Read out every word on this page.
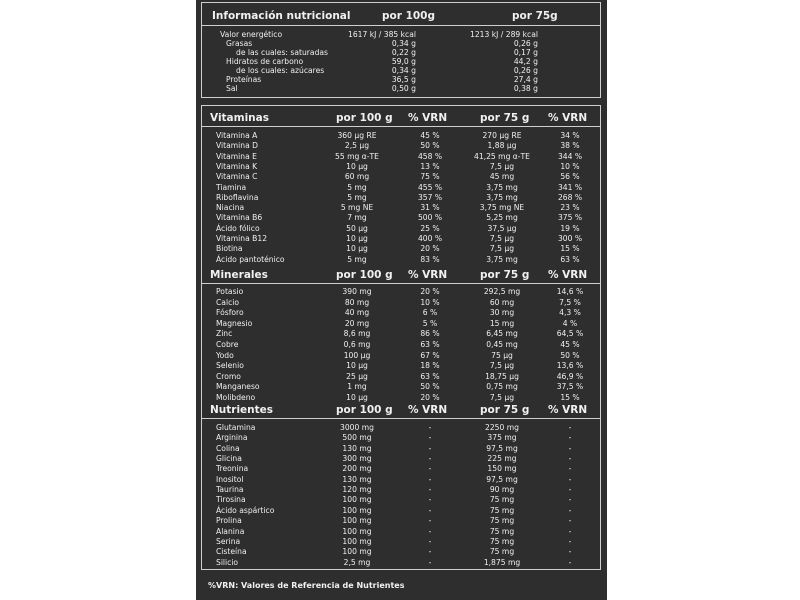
Información nutricional	por 100g	por 75g
Valor energético	1617 kJ / 385 kcal	1213 kJ / 289 kcal
Grasas	0,34 g	0,26 g
de las cuales: saturadas	0,22 g	0,17 g
Hidratos de carbono	59,0 g	44,2 g
de los cuales: azúcares	0,34 g	0,26 g
Proteínas	36,5 g	27,4 g
Sal	0,50 g	0,38 g
Vitaminas	por 100 g % VRN	por 75 g % VRN
Vitamina A	360 μg RE	45 %	270 μg RE	34 %
Vitamina D	2,5 μg	50 %	1,88 μg	38 %
Vitamina E	55 mg α-TE	458 %	41,25 mg α-TE	344 %
Vitamina K	10 μg	13 %	7,5 μg	10 %
Vitamina C	60 mg	75 %	45 mg	56 %
Tiamina	5 mg	455 %	3,75 mg	341 %
Riboflavina	5 mg	357 %	3,75 mg	268 %
Niacina	5 mg NE	31 %	3,75 mg NE	23 %
Vitamina B6	7 mg	500 %	5,25 mg	375 %
Ácido fólico	50 μg	25 %	37,5 μg	19 %
Vitamina B12	10 μg	400 %	7,5 μg	300 %
Biotina	10 μg	20 %	7,5 μg	15 %
Ácido pantoténico	5 mg	83 %	3,75 mg	63 %
Minerales	por 100 g % VRN	por 75 g % VRN
Potasio	390 mg	20 %	292,5 mg	14,6 %
Calcio	80 mg	10 %	60 mg	7,5 %
Fósforo	40 mg	6 %	30 mg	4,3 %
Magnesio	20 mg	5 %	15 mg	4 %
Zinc	8,6 mg	86 %	6,45 mg	64,5 %
Cobre	0,6 mg	63 %	0,45 mg	45 %
Yodo	100 μg	67 %	75 μg	50 %
Selenio	10 μg	18 %	7,5 μg	13,6 %
Cromo	25 μg	63 %	18,75 μg	46,9 %
Manganeso	1 mg	50 %	0,75 mg	37,5 %
Molibdeno	10 μg	20 %	7,5 μg	15 %
Nutrientes	por 100 g % VRN	por 75 g % VRN
Glutamina	3000 mg	-	2250 mg	-
Arginina	500 mg	-	375 mg	-
Colina	130 mg	-	97,5 mg	-
Glicina	300 mg	-	225 mg	-
Treonina	200 mg	-	150 mg	-
Inositol	130 mg	-	97,5 mg	-
Taurina	120 mg	-	90 mg	-
Tirosina	100 mg	-	75 mg	-
Ácido aspártico	100 mg	-	75 mg	-
Prolina	100 mg	-	75 mg	-
Alanina	100 mg	-	75 mg	-
Serina	100 mg	-	75 mg	-
Cisteína	100 mg	-	75 mg	-
Silicio	2,5 mg	-	1,875 mg	-
%VRN: Valores de Referencia de Nutrientes
